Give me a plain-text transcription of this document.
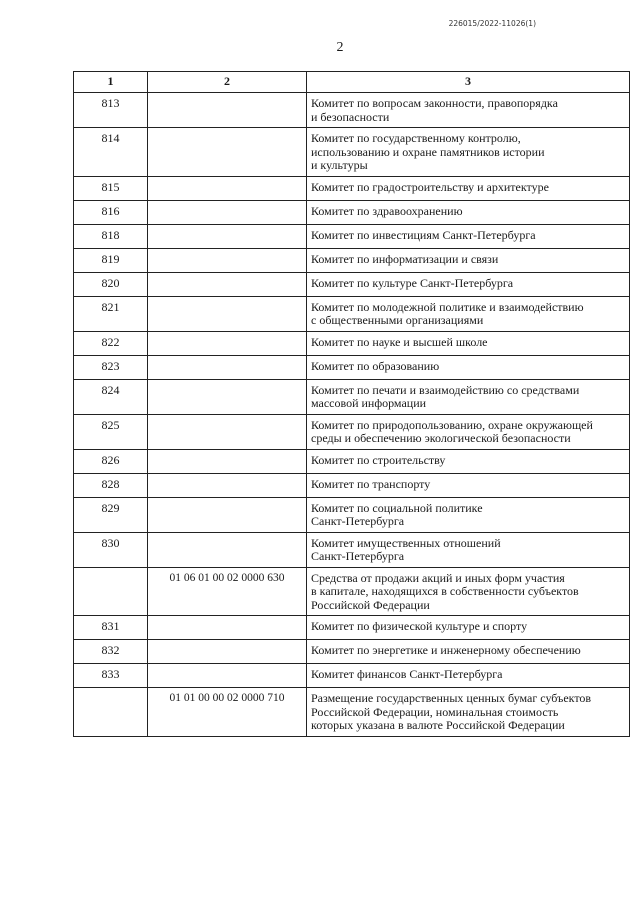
226015/2022-11026(1)
2
1	2	3
813		Комитет по вопросам законности, правопорядка
и безопасности

814		Комитет по государственному контролю,
использованию и охране памятников истории
и культуры

815		Комитет по градостроительству и архитектуре

816		Комитет по здравоохранению

818		Комитет по инвестициям Санкт-Петербурга

819		Комитет по информатизации и связи

820		Комитет по культуре Санкт-Петербурга

821		Комитет по молодежной политике и взаимодействию
с общественными организациями

822		Комитет по науке и высшей школе

823		Комитет по образованию

824		Комитет по печати и взаимодействию со средствами
массовой информации

825		Комитет по природопользованию, охране окружающей
среды и обеспечению экологической безопасности

826		Комитет по строительству

828		Комитет по транспорту

829		Комитет по социальной политике
Санкт-Петербурга

830		Комитет имущественных отношений
Санкт-Петербурга

	01 06 01 00 02 0000 630	Средства от продажи акций и иных форм участия
в капитале, находящихся в собственности субъектов
Российской Федерации

831		Комитет по физической культуре и спорту

832		Комитет по энергетике и инженерному обеспечению

833		Комитет финансов Санкт-Петербурга

	01 01 00 00 02 0000 710	Размещение государственных ценных бумаг субъектов
Российской Федерации, номинальная стоимость
которых указана в валюте Российской Федерации
